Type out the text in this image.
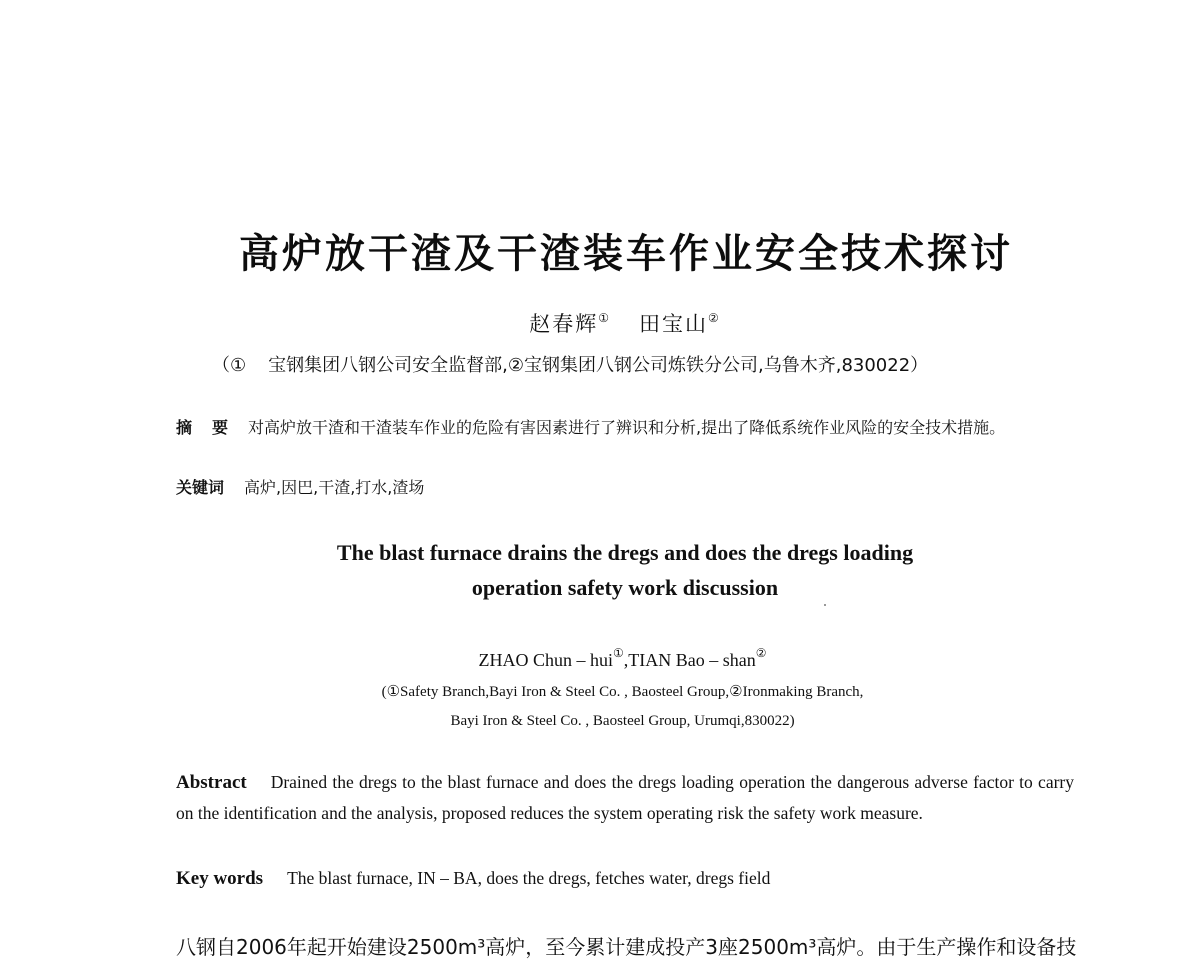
高炉放干渣及干渣装车作业安全技术探讨
赵春辉① 田宝山②
（① 宝钢集团八钢公司安全监督部,②宝钢集团八钢公司炼铁分公司,乌鲁木齐,830022）
摘 要 对高炉放干渣和干渣装车作业的危险有害因素进行了辨识和分析,提出了降低系统作业风险的安全技术措施。
关键词 高炉,因巴,干渣,打水,渣场
The blast furnace drains the dregs and does the dregs loading
operation safety work discussion
ZHAO Chun – hui①,TIAN Bao – shan②
(①Safety Branch,Bayi Iron & Steel Co. , Baosteel Group,②Ironmaking Branch,
Bayi Iron & Steel Co. , Baosteel Group, Urumqi,830022)
Abstract Drained the dregs to the blast furnace and does the dregs loading operation the dangerous adverse factor to carry on the identification and the analysis, proposed reduces the system operating risk the safety work measure.
Key words The blast furnace, IN – BA, does the dregs, fetches water, dregs field
八钢自2006年起开始建设2500m³高炉，至今累计建成投产3座2500m³高炉。由于生产操作和设备技
